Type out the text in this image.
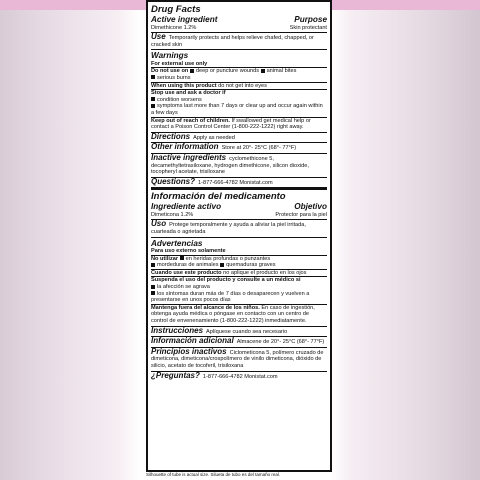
Drug Facts
Active ingredient	Purpose
Dimethicone 1.2%	Skin protectant
Use Temporarily protects and helps relieve chafed, chapped, or cracked skin
Warnings
For external use only
Do not use on deep or puncture wounds animal bites
serious burns
When using this product do not get into eyes
Stop use and ask a doctor if
condition worsens
symptoms last more than 7 days or clear up and occur again within a few days
Keep out of reach of children. If swallowed get medical help or contact a Poison Control Center (1-800-222-1222) right away.
Directions Apply as needed
Other information Store at 20°- 25°C (68°- 77°F)
Inactive ingredients cyclomethicone 5, decamethyltetrasiloxane, hydrogen dimethicone, silicon dioxide, tocopheryl acetate, trisiloxane
Questions? 1-877-666-4782 Monistat.com
Información del medicamento
Ingrediente activo	Objetivo
Dimeticona 1.2%	Protector para la piel
Uso Protege temporalmente y ayuda a aliviar la piel irritada, cuarteada o agrietada
Advertencias
Para uso externo solamente
No utilizar en heridas profundas o punzantes
mordeduras de animales quemaduras graves
Cuando use este producto no aplique el producto en los ojos
Suspenda el uso del producto y consulte a un médico si
la afección se agrava
los síntomas duran más de 7 días o desaparecen y vuelven a presentarse en unos pocos días
Mantenga fuera del alcance de los niños. En caso de ingestión, obtenga ayuda médica o póngase en contacto con un centro de control de envenenamiento (1-800-222-1222) inmediatamente.
Instrucciones Aplíquese cuando sea necesario
Información adicional Almacene de 20°- 25°C (68°- 77°F)
Principios inactivos Ciclometicona 5, polímero cruzado de dimeticona, dimeticona/crospolímero de vinilo dimeticona, dióxido de silicio, acetato de tocoferil, trisiloxana
¿Preguntas? 1-877-666-4782 Monistat.com
Silhouette of tube is actual size. Silueta de tubo es del tamaño real.
